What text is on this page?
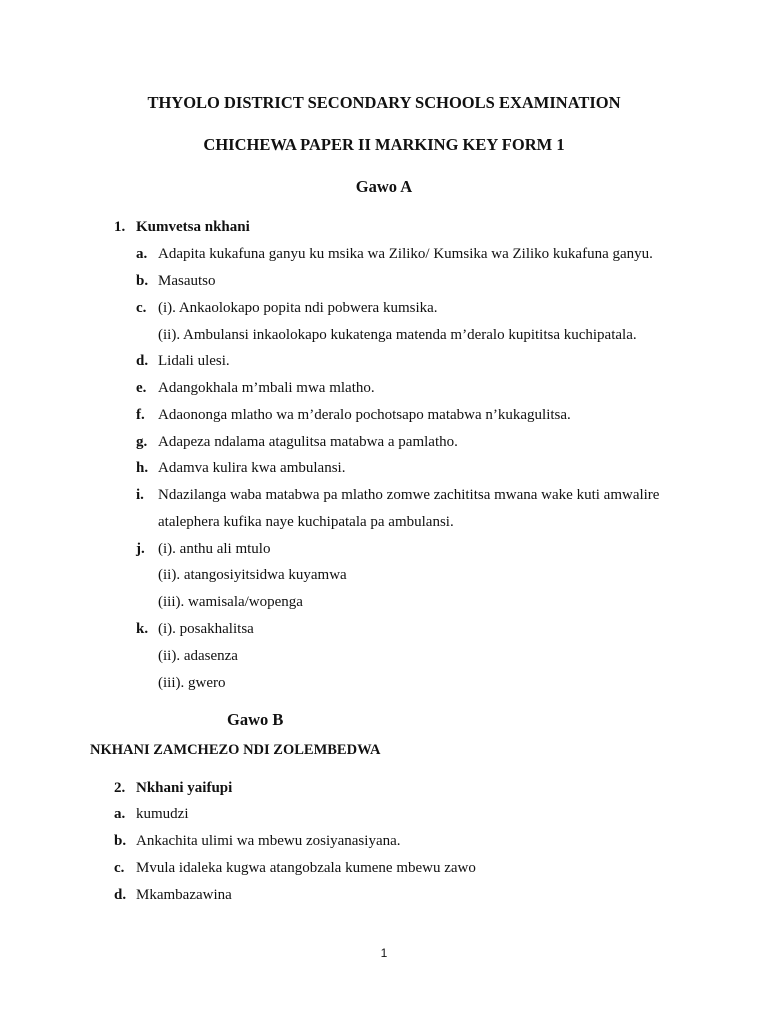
THYOLO DISTRICT SECONDARY SCHOOLS EXAMINATION
CHICHEWA PAPER II MARKING KEY FORM 1
Gawo A
1. Kumvetsa nkhani
a. Adapita kukafuna ganyu ku msika wa Ziliko/ Kumsika wa Ziliko kukafuna ganyu.
b. Masautso
c. (i). Ankaolokapo popita ndi pobwera kumsika.
(ii). Ambulansi inkaolokapo kukatenga matenda m’deralo kupititsa kuchipatala.
d. Lidali ulesi.
e. Adangokhala m’mbali mwa mlatho.
f. Adaononga mlatho wa m’deralo pochotsapo matabwa n’kukagulitsa.
g. Adapeza ndalama atagulitsa matabwa a pamlatho.
h. Adamva kulira kwa ambulansi.
i. Ndazilanga waba matabwa pa mlatho zomwe zachititsa mwana wake kuti amwalire
atalephera kufika naye kuchipatala pa ambulansi.
j. (i). anthu ali mtulo
(ii). atangosiyitsidwa kuyamwa
(iii). wamisala/wopenga
k. (i). posakhalitsa
(ii). adasenza
(iii). gwero
Gawo B
NKHANI ZAMCHEZO NDI ZOLEMBEDWA
2. Nkhani yaifupi
a. kumudzi
b. Ankachita ulimi wa mbewu zosiyanasiyana.
c. Mvula idaleka kugwa atangobzala kumene mbewu zawo
d. Mkambazawina
1
